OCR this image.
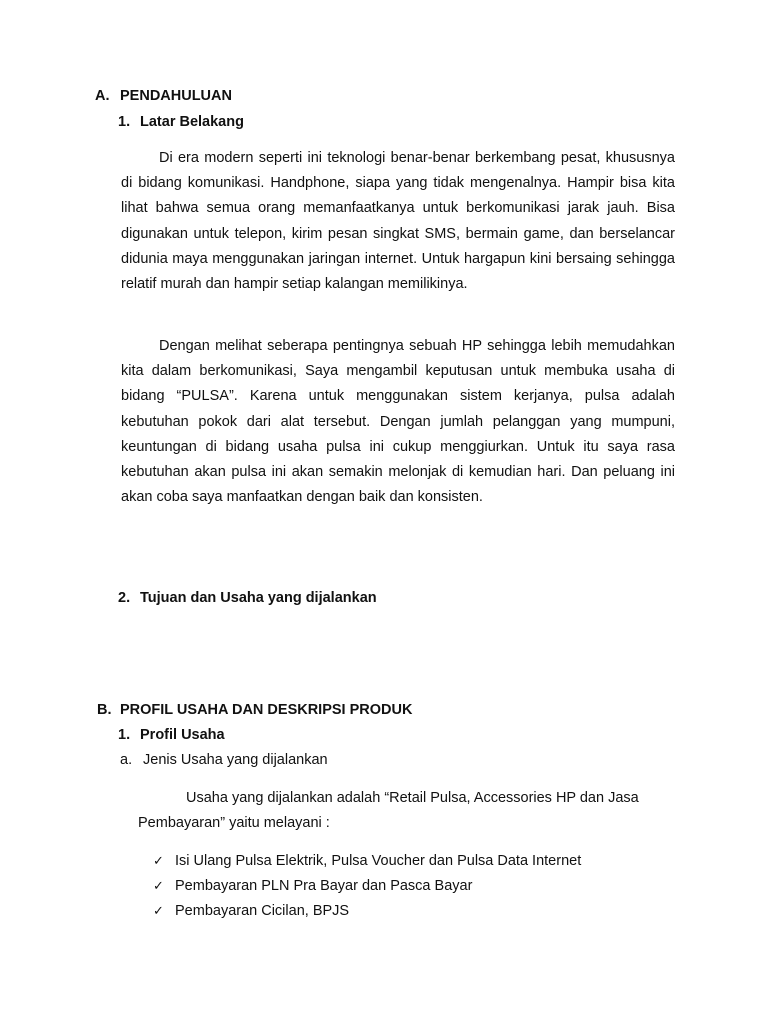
A. PENDAHULUAN
1. Latar Belakang

Di era modern seperti ini teknologi benar-benar berkembang pesat, khususnya di bidang komunikasi. Handphone, siapa yang tidak mengenalnya. Hampir bisa kita lihat bahwa semua orang memanfaatkanya untuk berkomunikasi jarak jauh. Bisa digunakan untuk telepon, kirim pesan singkat SMS, bermain game, dan berselancar didunia maya menggunakan jaringan internet. Untuk hargapun kini bersaing sehingga relatif murah dan hampir setiap kalangan memilikinya.

Dengan melihat seberapa pentingnya sebuah HP sehingga lebih memudahkan kita dalam berkomunikasi, Saya mengambil keputusan untuk membuka usaha di bidang “PULSA”. Karena untuk menggunakan sistem kerjanya, pulsa adalah kebutuhan pokok dari alat tersebut. Dengan jumlah pelanggan yang mumpuni, keuntungan di bidang usaha pulsa ini cukup menggiurkan. Untuk itu saya rasa kebutuhan akan pulsa ini akan semakin melonjak di kemudian hari. Dan peluang ini akan coba saya manfaatkan dengan baik dan konsisten.

2. Tujuan dan Usaha yang dijalankan
B. PROFIL USAHA DAN DESKRIPSI PRODUK
1. Profil Usaha
a. Jenis Usaha yang dijalankan

Usaha yang dijalankan adalah “Retail Pulsa, Accessories HP dan Jasa Pembayaran” yaitu melayani :

✓ Isi Ulang Pulsa Elektrik, Pulsa Voucher dan Pulsa Data Internet
✓ Pembayaran PLN Pra Bayar dan Pasca Bayar
✓ Pembayaran Cicilan, BPJS
